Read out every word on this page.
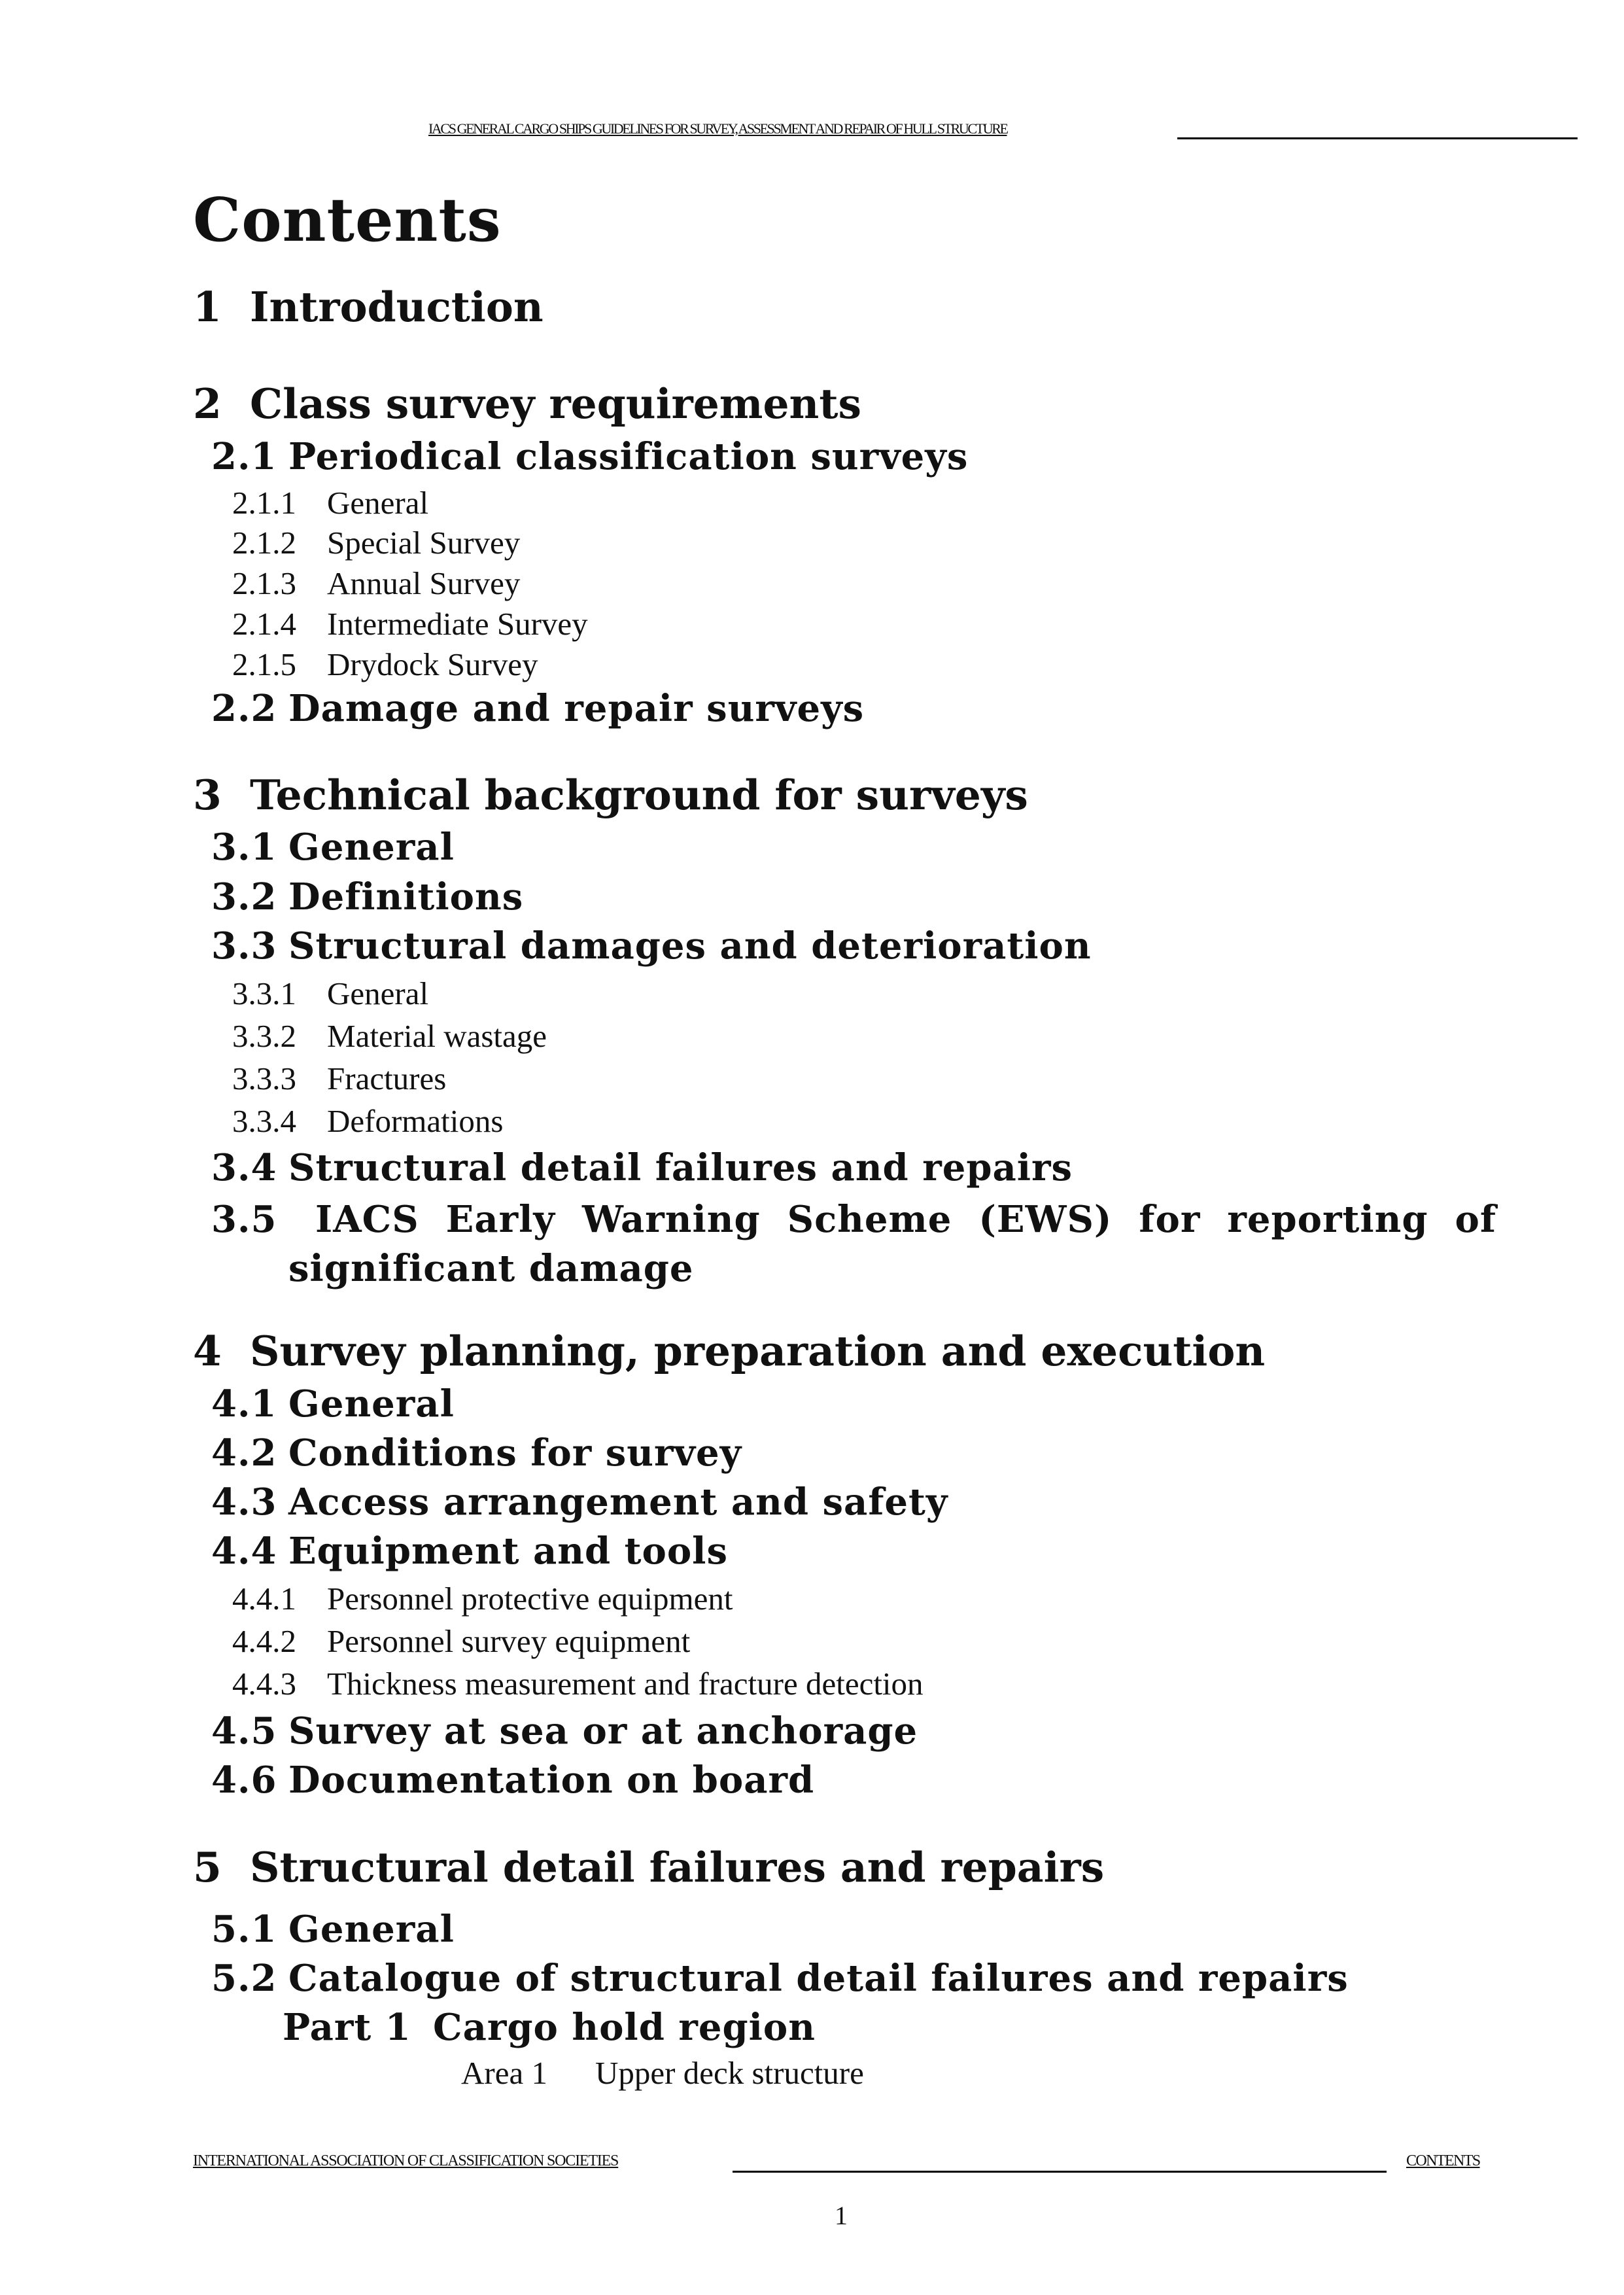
IACS GENERAL CARGO SHIPS GUIDELINES FOR SURVEY, ASSESSMENT AND REPAIR OF HULL STRUCTURE
Contents
1 Introduction
2 Class survey requirements
2.1 Periodical classification surveys
2.1.1 General
2.1.2 Special Survey
2.1.3 Annual Survey
2.1.4 Intermediate Survey
2.1.5 Drydock Survey
2.2 Damage and repair surveys
3 Technical background for surveys
3.1 General
3.2 Definitions
3.3 Structural damages and deterioration
3.3.1 General
3.3.2 Material wastage
3.3.3 Fractures
3.3.4 Deformations
3.4 Structural detail failures and repairs
3.5	IACS Early Warning Scheme (EWS) for reporting of
significant damage
4 Survey planning, preparation and execution
4.1 General
4.2 Conditions for survey
4.3 Access arrangement and safety
4.4 Equipment and tools
4.4.1 Personnel protective equipment
4.4.2 Personnel survey equipment
4.4.3 Thickness measurement and fracture detection
4.5 Survey at sea or at anchorage
4.6 Documentation on board
5 Structural detail failures and repairs
5.1 General
5.2 Catalogue of structural detail failures and repairs
Part 1 Cargo hold region
Area 1 Upper deck structure
INTERNATIONAL ASSOCIATION OF CLASSIFICATION SOCIETIES	CONTENTS
1
